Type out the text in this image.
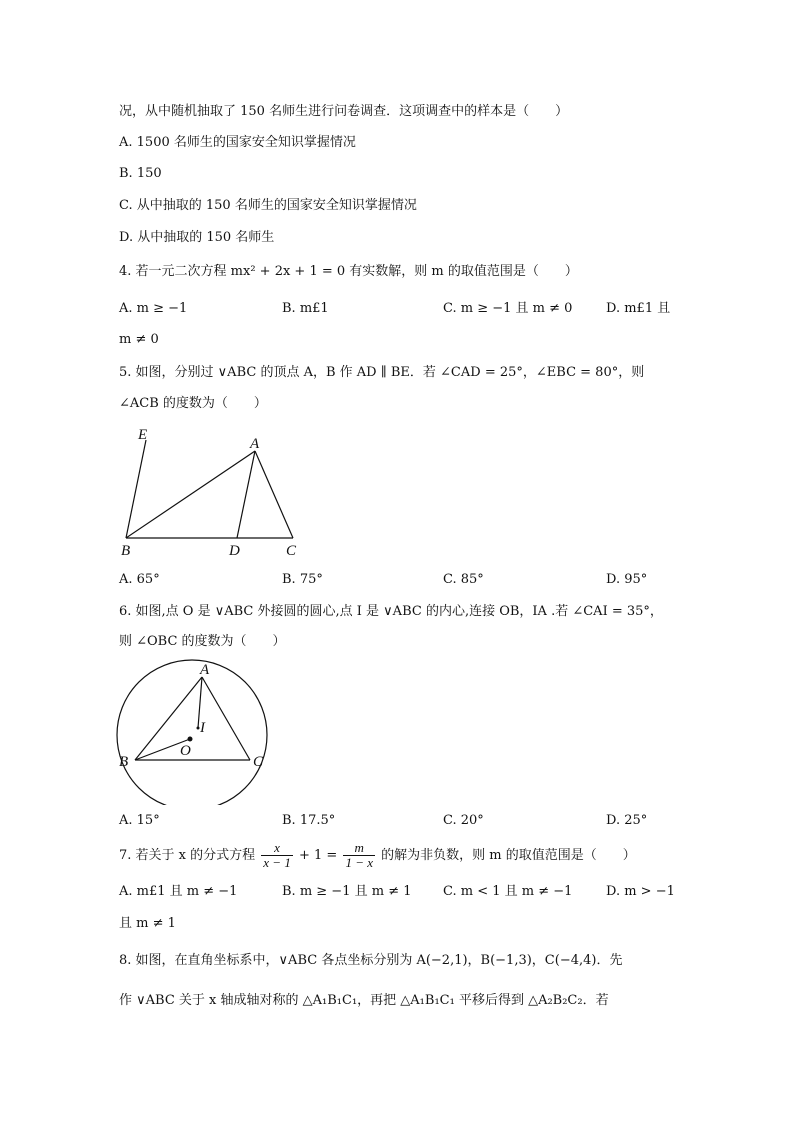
况，从中随机抽取了 150 名师生进行问卷调查．这项调查中的样本是（　　）
A. 1500 名师生的国家安全知识掌握情况
B. 150
C. 从中抽取的 150 名师生的国家安全知识掌握情况
D. 从中抽取的 150 名师生
4. 若一元二次方程 mx² + 2x + 1 = 0 有实数解，则 m 的取值范围是（　　）
A. m ≥ −1	B. m£1	C. m ≥ −1 且 m ≠ 0	D. m£1 且
m ≠ 0
5. 如图，分别过 ∨ABC 的顶点 A，B 作 AD ∥ BE．若 ∠CAD = 25°，∠EBC = 80°，则
∠ACB 的度数为（　　）
E
A
B	D	C
A. 65°	B. 75°	C. 85°	D. 95°
6. 如图,点 O 是 ∨ABC 外接圆的圆心,点 I 是 ∨ABC 的内心,连接 OB，IA .若 ∠CAI = 35°，
则 ∠OBC 的度数为（　　）
A
I
O
B	C
A. 15°	B. 17.5°	C. 20°	D. 25°
7. 若关于 x 的分式方程 $\frac{x}{x - 1} + 1 = \frac{m}{1 - x}$ 的解为非负数，则 m 的取值范围是（　　）
A. m£1 且 m ≠ −1	B. m ≥ −1 且 m ≠ 1 C. m < 1 且 m ≠ −1	D. m > −1
且 m ≠ 1
8. 如图，在直角坐标系中，∨ABC 各点坐标分别为 A(−2,1)，B(−1,3)，C(−4,4)．先
作 ∨ABC 关于 x 轴成轴对称的 △A₁B₁C₁，再把 △A₁B₁C₁ 平移后得到 △A₂B₂C₂．若
